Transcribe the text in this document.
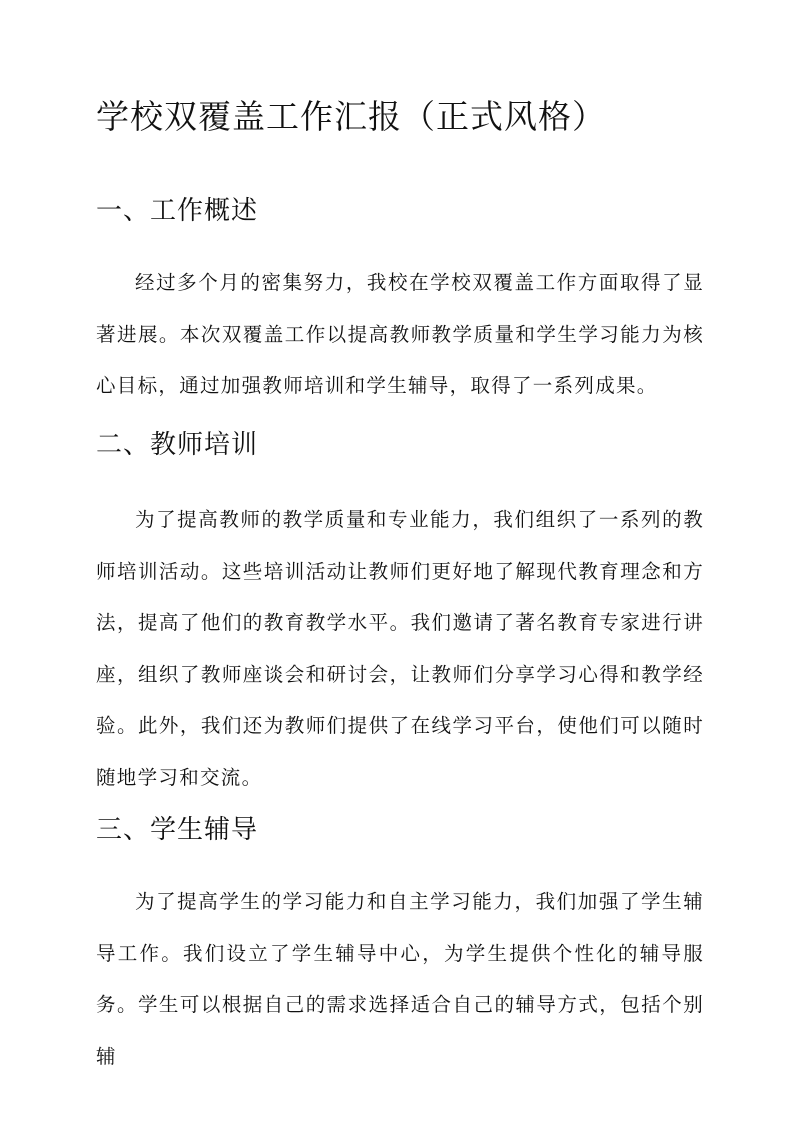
学校双覆盖工作汇报（正式风格）
一、工作概述

经过多个月的密集努力，我校在学校双覆盖工作方面取得了显著进展。本次双覆盖工作以提高教师教学质量和学生学习能力为核心目标，通过加强教师培训和学生辅导，取得了一系列成果。

二、教师培训

为了提高教师的教学质量和专业能力，我们组织了一系列的教师培训活动。这些培训活动让教师们更好地了解现代教育理念和方法，提高了他们的教育教学水平。我们邀请了著名教育专家进行讲座，组织了教师座谈会和研讨会，让教师们分享学习心得和教学经验。此外，我们还为教师们提供了在线学习平台，使他们可以随时随地学习和交流。

三、学生辅导

为了提高学生的学习能力和自主学习能力，我们加强了学生辅导工作。我们设立了学生辅导中心，为学生提供个性化的辅导服务。学生可以根据自己的需求选择适合自己的辅导方式，包括个别辅
